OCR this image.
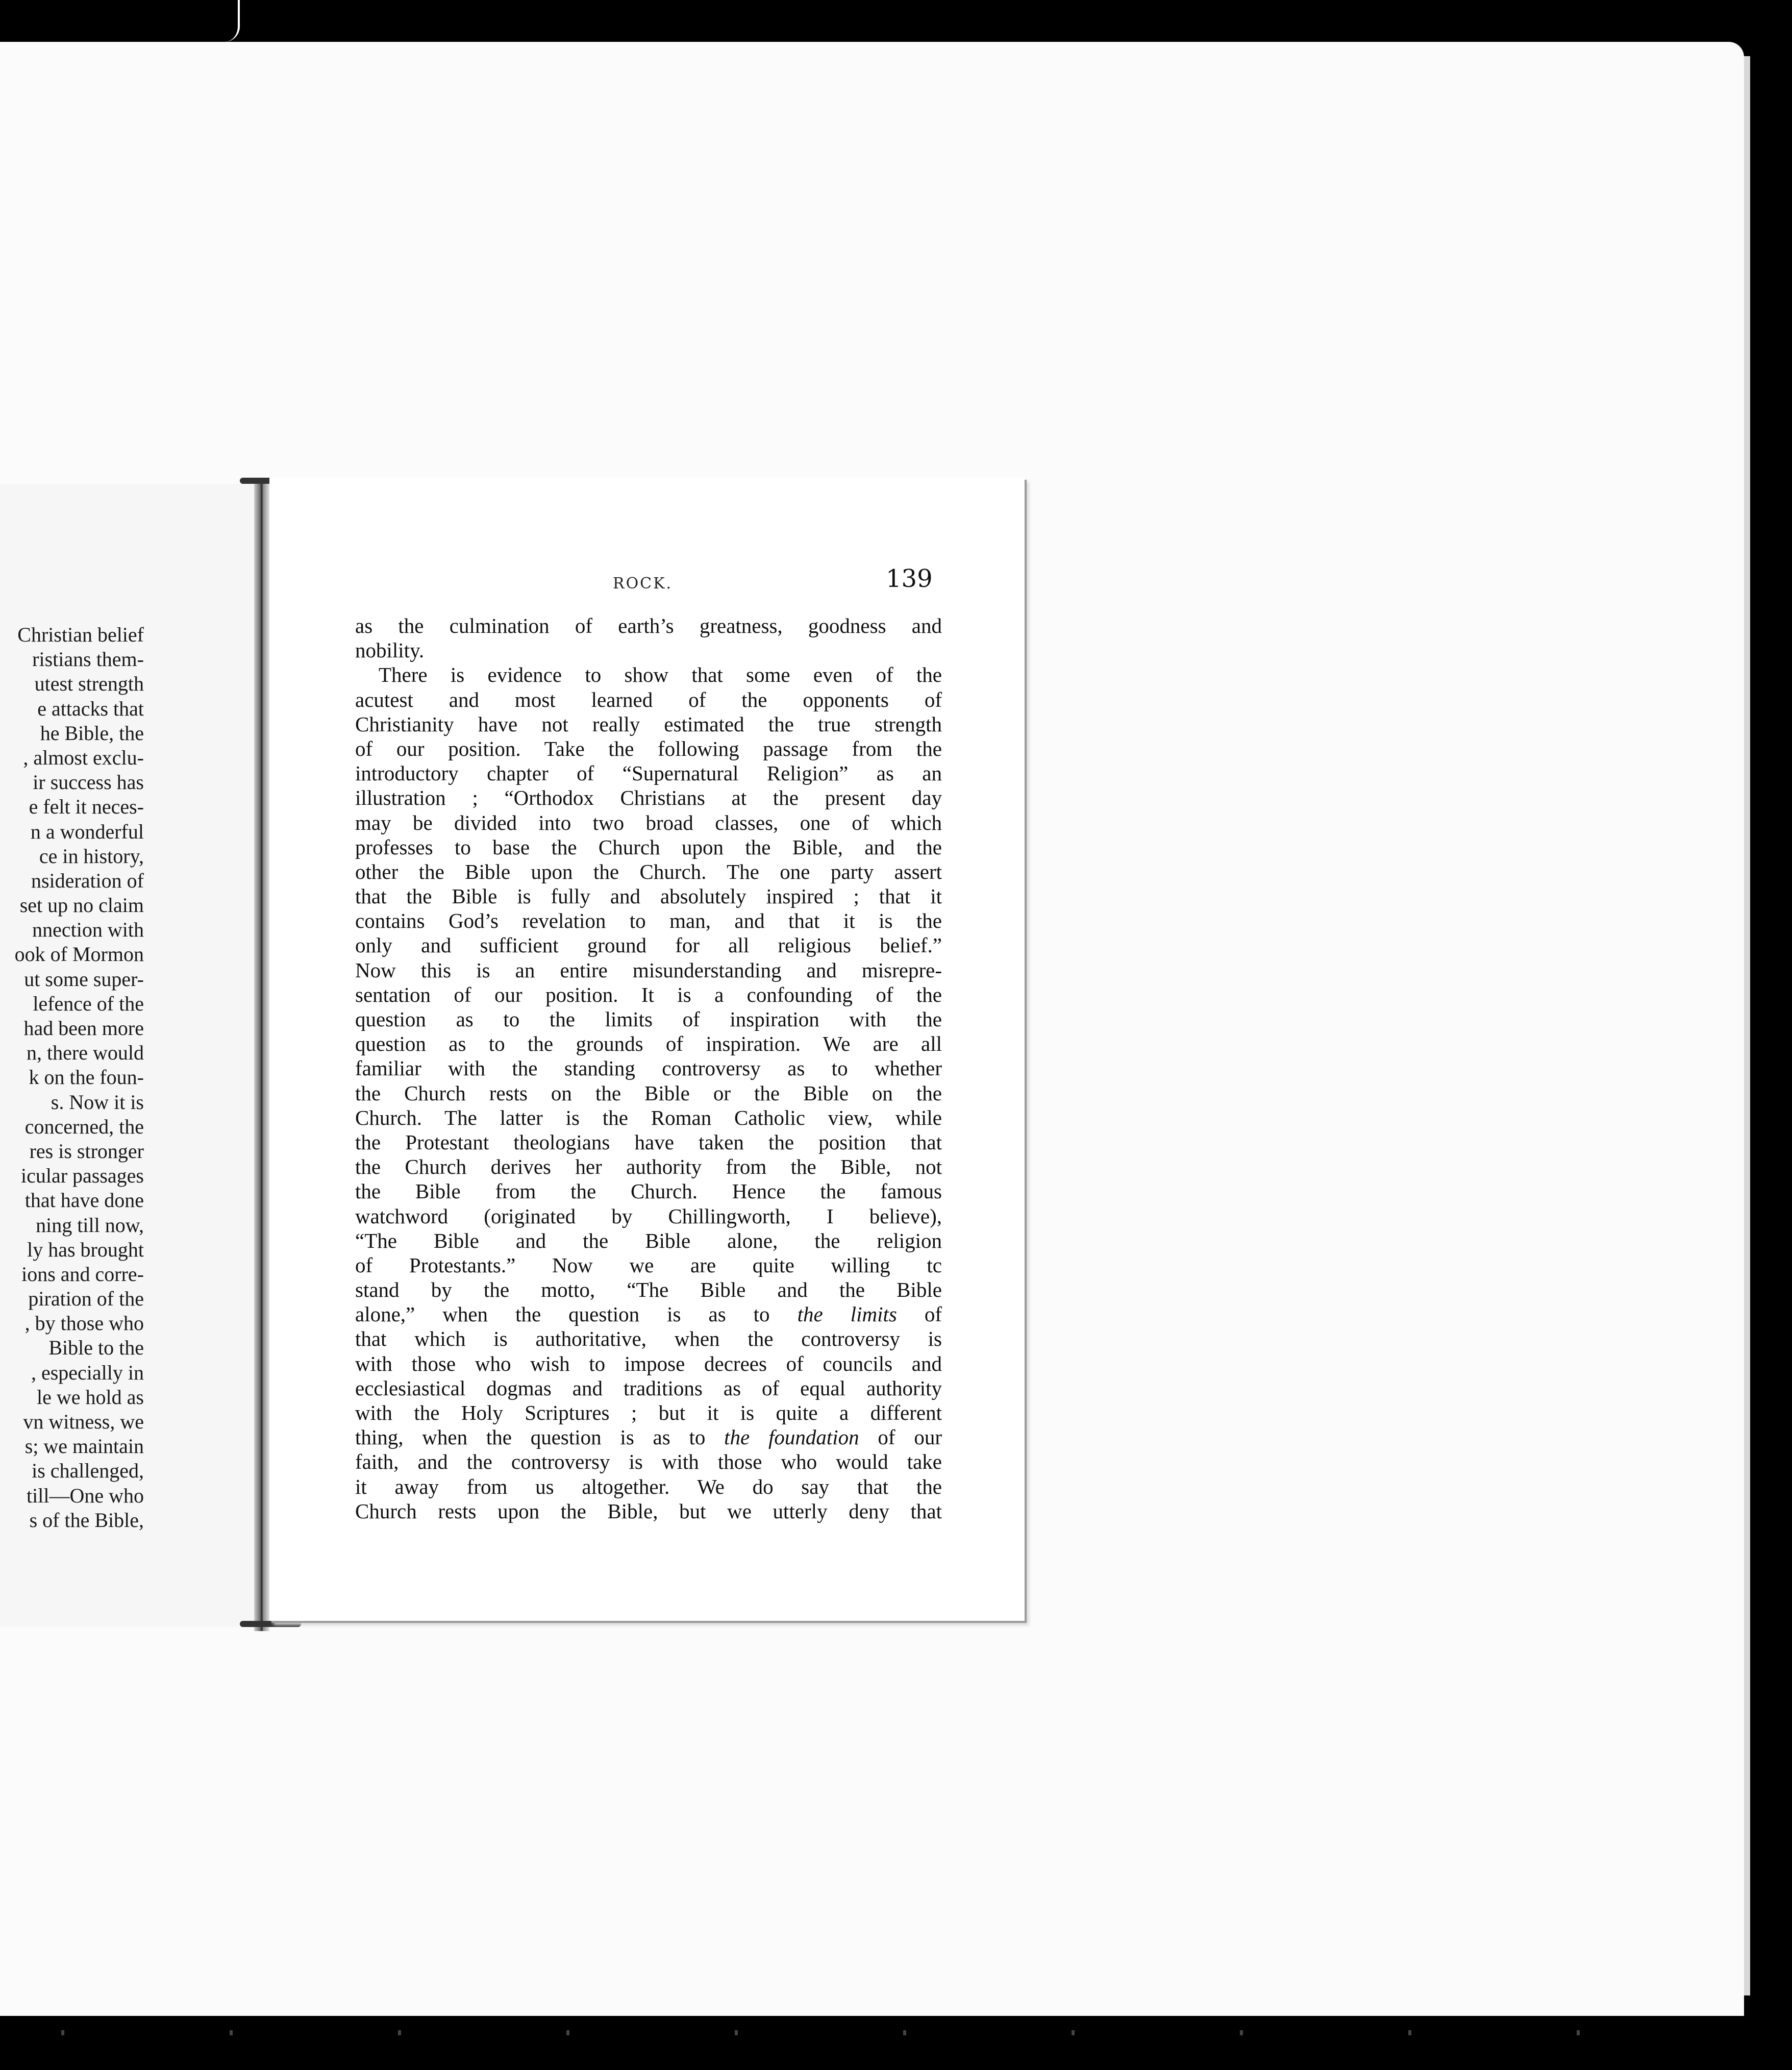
Christian belief
ristians them-
utest strength
e attacks that
he Bible, the
, almost exclu-
ir success has
e felt it neces-
n a wonderful
ce in history,
nsideration of
set up no claim
nnection with
ook of Mormon
ut some super-
lefence of the
had been more
n, there would
k on the foun-
s. Now it is
concerned, the
res is stronger
icular passages
that have done
ning till now,
ly has brought
ions and corre-
piration of the
, by those who
Bible to the
, especially in
le we hold as
vn witness, we
s; we maintain
is challenged,
till—One who
s of the Bible,
ROCK.	139
as the culmination of earth’s greatness, goodness and
nobility.
There is evidence to show that some even of the
acutest and most learned of the opponents of
Christianity have not really estimated the true strength
of our position. Take the following passage from the
introductory chapter of “Supernatural Religion” as an
illustration ; “Orthodox Christians at the present day
may be divided into two broad classes, one of which
professes to base the Church upon the Bible, and the
other the Bible upon the Church. The one party assert
that the Bible is fully and absolutely inspired ; that it
contains God’s revelation to man, and that it is the
only and sufficient ground for all religious belief.”
Now this is an entire misunderstanding and misrepre-
sentation of our position. It is a confounding of the
question as to the limits of inspiration with the
question as to the grounds of inspiration. We are all
familiar with the standing controversy as to whether
the Church rests on the Bible or the Bible on the
Church. The latter is the Roman Catholic view, while
the Protestant theologians have taken the position that
the Church derives her authority from the Bible, not
the Bible from the Church. Hence the famous
watchword (originated by Chillingworth, I believe),
“The Bible and the Bible alone, the religion
of Protestants.” Now we are quite willing tc
stand by the motto, “The Bible and the Bible
alone,” when the question is as to the limits of
that which is authoritative, when the controversy is
with those who wish to impose decrees of councils and
ecclesiastical dogmas and traditions as of equal authority
with the Holy Scriptures ; but it is quite a different
thing, when the question is as to the foundation of our
faith, and the controversy is with those who would take
it away from us altogether. We do say that the
Church rests upon the Bible, but we utterly deny that
